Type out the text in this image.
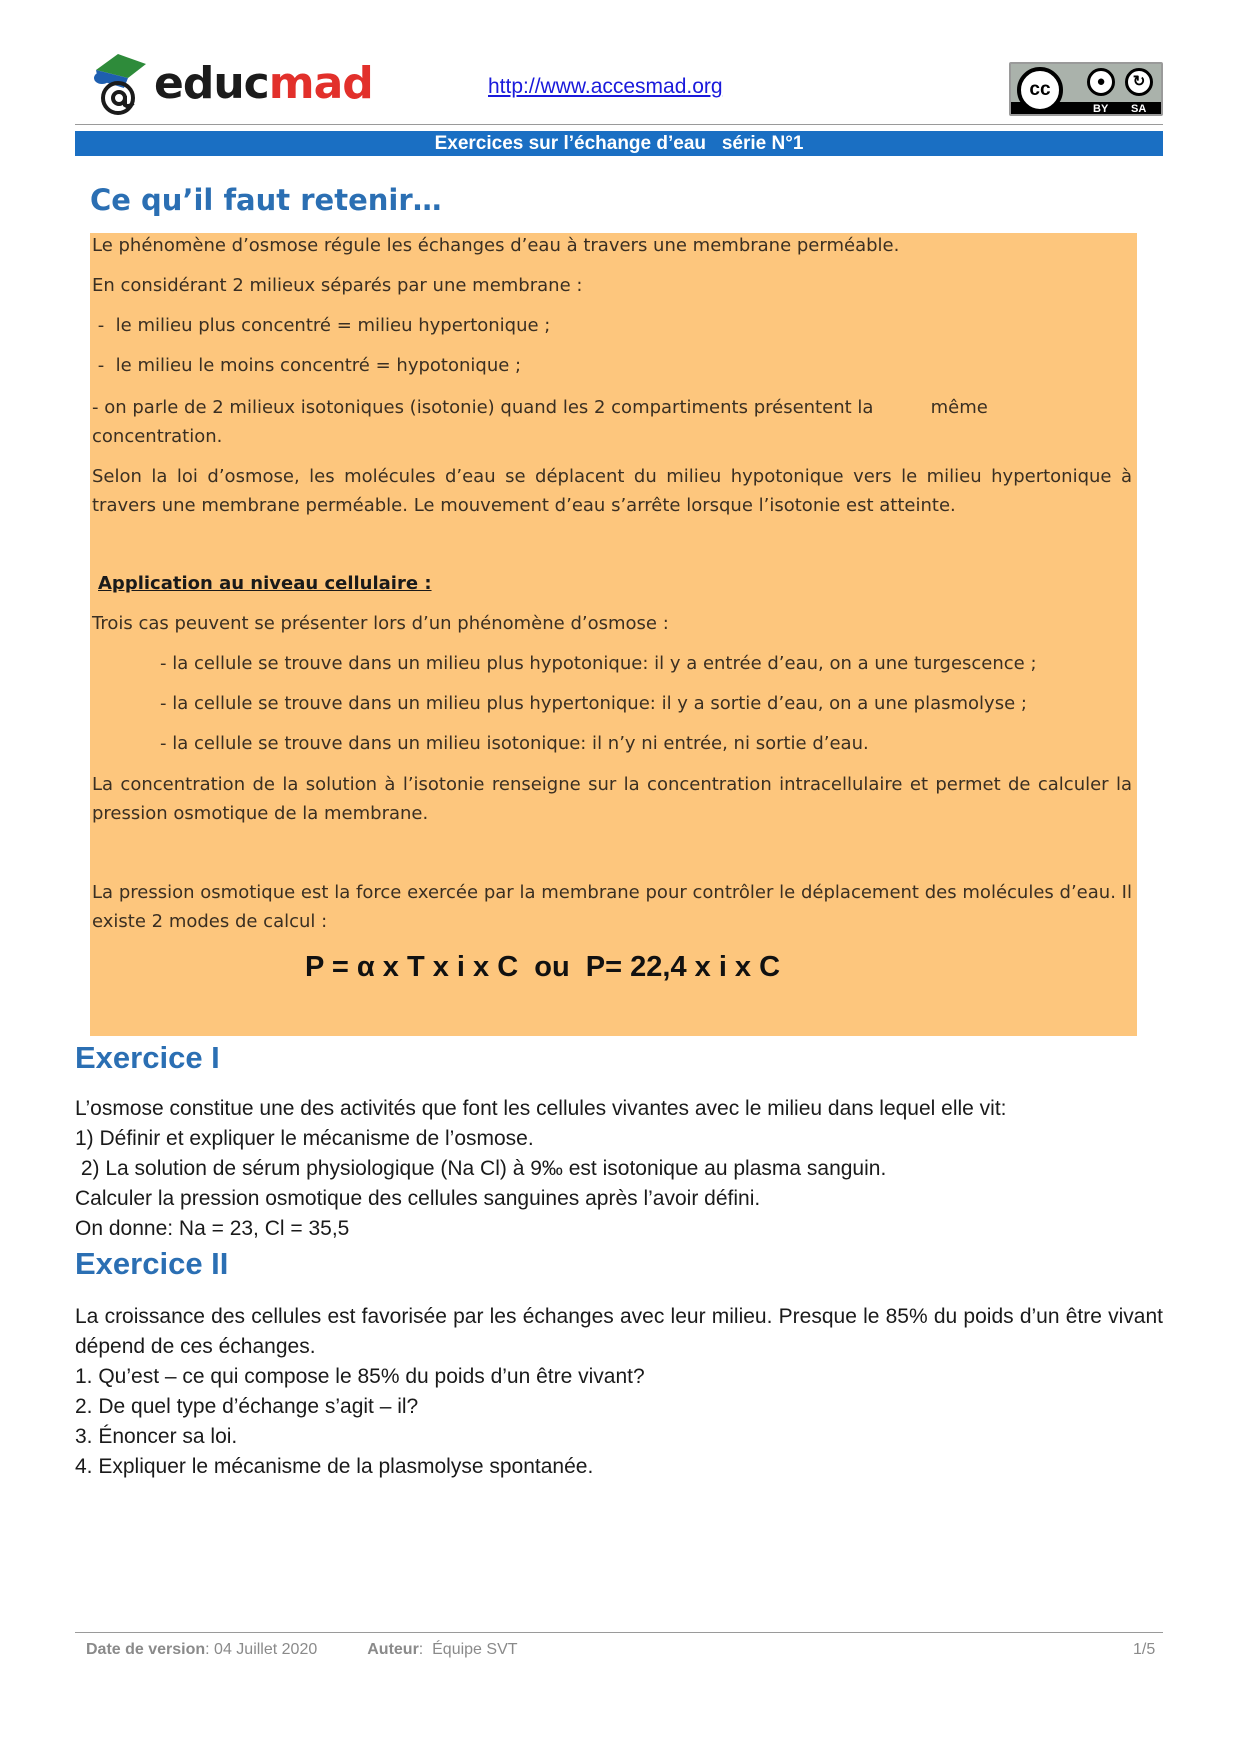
educmad	http://www.accesmad.org	cc	●	↻
BY SA
Exercices sur l’échange d’eau   série N°1
Ce qu’il faut retenir…
Le phénomène d’osmose régule les échanges d’eau à travers une membrane perméable.
En considérant 2 milieux séparés par une membrane :
-  le milieu plus concentré = milieu hypertonique ;
-  le milieu le moins concentré = hypotonique ;
- on parle de 2 milieux isotoniques (isotonie) quand les 2 compartiments présentent la          même concentration.
Selon la loi d’osmose, les molécules d’eau se déplacent du milieu hypotonique vers le milieu hypertonique à travers une membrane perméable. Le mouvement d’eau s’arrête lorsque l’isotonie est atteinte.
Application au niveau cellulaire :
Trois cas peuvent se présenter lors d’un phénomène d’osmose :
- la cellule se trouve dans un milieu plus hypotonique: il y a entrée d’eau, on a une turgescence ;
- la cellule se trouve dans un milieu plus hypertonique: il y a sortie d’eau, on a une plasmolyse ;
- la cellule se trouve dans un milieu isotonique: il n’y ni entrée, ni sortie d’eau.
La concentration de la solution à l’isotonie renseigne sur la concentration intracellulaire et permet de calculer la pression osmotique de la membrane.
La pression osmotique est la force exercée par la membrane pour contrôler le déplacement des molécules d’eau. Il existe 2 modes de calcul :
P = α x T x i x C  ou  P= 22,4 x i x C
Exercice I
L’osmose constitue une des activités que font les cellules vivantes avec le milieu dans lequel elle vit:
1) Définir et expliquer le mécanisme de l’osmose.
2) La solution de sérum physiologique (Na Cl) à 9‰ est isotonique au plasma sanguin.
Calculer la pression osmotique des cellules sanguines après l’avoir défini.
On donne: Na = 23, Cl = 35,5
Exercice II
La croissance des cellules est favorisée par les échanges avec leur milieu. Presque le 85% du poids d’un être vivant dépend de ces échanges.
1. Qu’est – ce qui compose le 85% du poids d’un être vivant?
2. De quel type d’échange s’agit – il?
3. Énoncer sa loi.
4. Expliquer le mécanisme de la plasmolyse spontanée.
Date de version: 04 Juillet 2020	Auteur:  Équipe SVT	1/5
